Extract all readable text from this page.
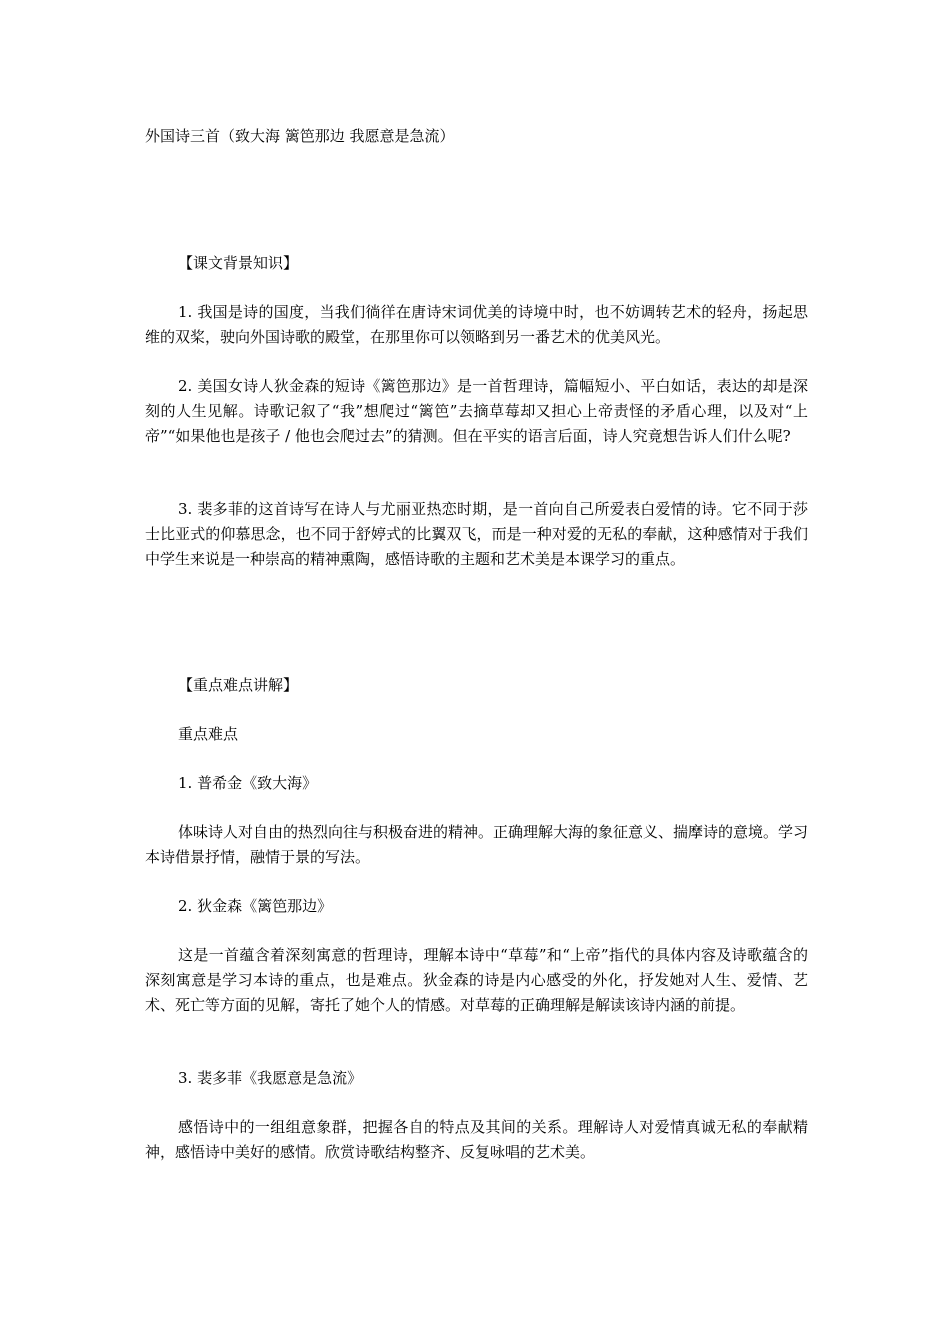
外国诗三首（致大海 篱笆那边 我愿意是急流）

【课文背景知识】

1. 我国是诗的国度，当我们徜徉在唐诗宋词优美的诗境中时，也不妨调转艺术的轻舟，扬起思维的双桨，驶向外国诗歌的殿堂，在那里你可以领略到另一番艺术的优美风光。

2. 美国女诗人狄金森的短诗《篱笆那边》是一首哲理诗，篇幅短小、平白如话，表达的却是深刻的人生见解。诗歌记叙了“我”想爬过“篱笆”去摘草莓却又担心上帝责怪的矛盾心理，以及对“上帝”“如果他也是孩子 / 他也会爬过去”的猜测。但在平实的语言后面，诗人究竟想告诉人们什么呢?

3. 裴多菲的这首诗写在诗人与尤丽亚热恋时期，是一首向自己所爱表白爱情的诗。它不同于莎士比亚式的仰慕思念，也不同于舒婷式的比翼双飞，而是一种对爱的无私的奉献，这种感情对于我们中学生来说是一种崇高的精神熏陶，感悟诗歌的主题和艺术美是本课学习的重点。

【重点难点讲解】

重点难点

1. 普希金《致大海》

体味诗人对自由的热烈向往与积极奋进的精神。正确理解大海的象征意义、揣摩诗的意境。学习本诗借景抒情，融情于景的写法。

2. 狄金森《篱笆那边》

这是一首蕴含着深刻寓意的哲理诗，理解本诗中“草莓”和“上帝”指代的具体内容及诗歌蕴含的深刻寓意是学习本诗的重点，也是难点。狄金森的诗是内心感受的外化，抒发她对人生、爱情、艺术、死亡等方面的见解，寄托了她个人的情感。对草莓的正确理解是解读该诗内涵的前提。

3. 裴多菲《我愿意是急流》

感悟诗中的一组组意象群，把握各自的特点及其间的关系。理解诗人对爱情真诚无私的奉献精神，感悟诗中美好的感情。欣赏诗歌结构整齐、反复咏唱的艺术美。
